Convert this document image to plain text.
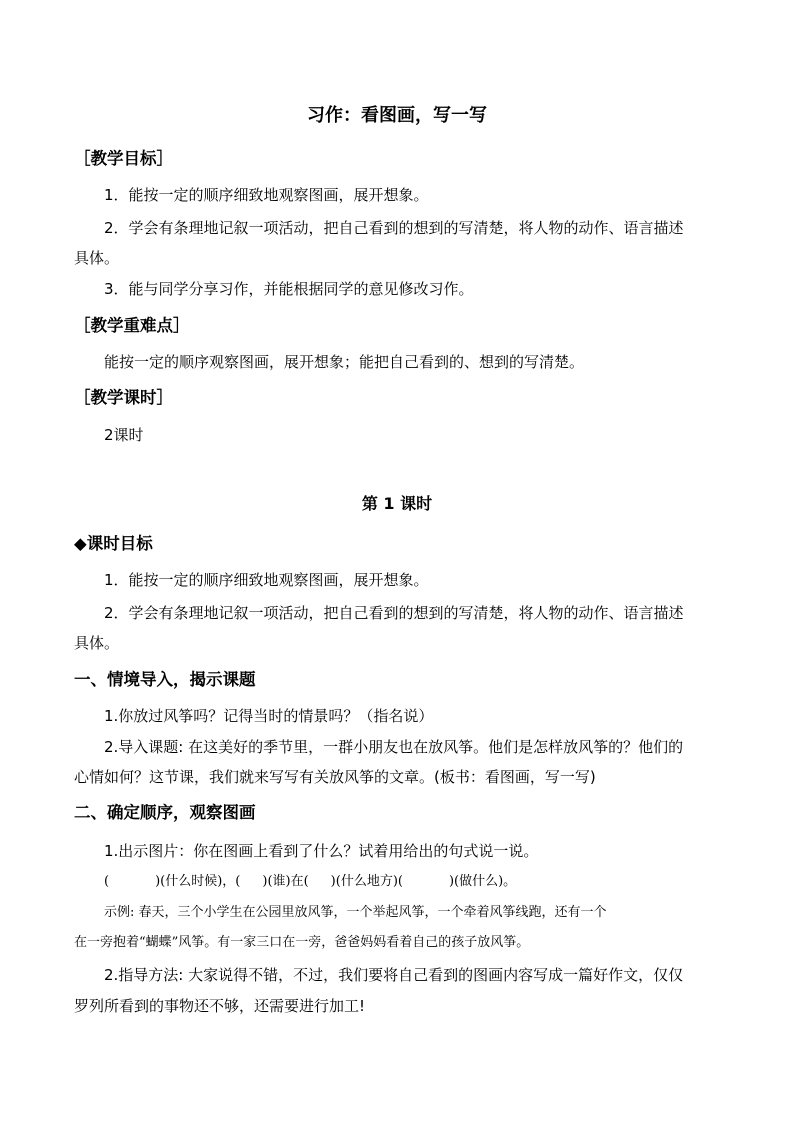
习作：看图画，写一写
［教学目标］
1．能按一定的顺序细致地观察图画，展开想象。
2．学会有条理地记叙一项活动，把自己看到的想到的写清楚，将人物的动作、语言描述
具体。
3．能与同学分享习作，并能根据同学的意见修改习作。
［教学重难点］
能按一定的顺序观察图画，展开想象；能把自己看到的、想到的写清楚。
［教学课时］
2课时
第 1 课时
◆课时目标
1．能按一定的顺序细致地观察图画，展开想象。
2．学会有条理地记叙一项活动，把自己看到的想到的写清楚，将人物的动作、语言描述
具体。
一、情境导入，揭示课题
1.你放过风筝吗？记得当时的情景吗？（指名说）
2.导入课题: 在这美好的季节里，一群小朋友也在放风筝。他们是怎样放风筝的？他们的
心情如何？这节课，我们就来写写有关放风筝的文章。(板书：看图画，写一写)
二、确定顺序，观察图画
1.出示图片：你在图画上看到了什么？试着用给出的句式说一说。
(	)(什么时候)，( )(谁)在( )(什么地方)(	)(做什么)。
示例: 春天，三个小学生在公园里放风筝，一个举起风筝，一个牵着风筝线跑，还有一个
在一旁抱着“蝴蝶”风筝。有一家三口在一旁，爸爸妈妈看着自己的孩子放风筝。
2.指导方法: 大家说得不错，不过，我们要将自己看到的图画内容写成一篇好作文，仅仅
罗列所看到的事物还不够，还需要进行加工!
